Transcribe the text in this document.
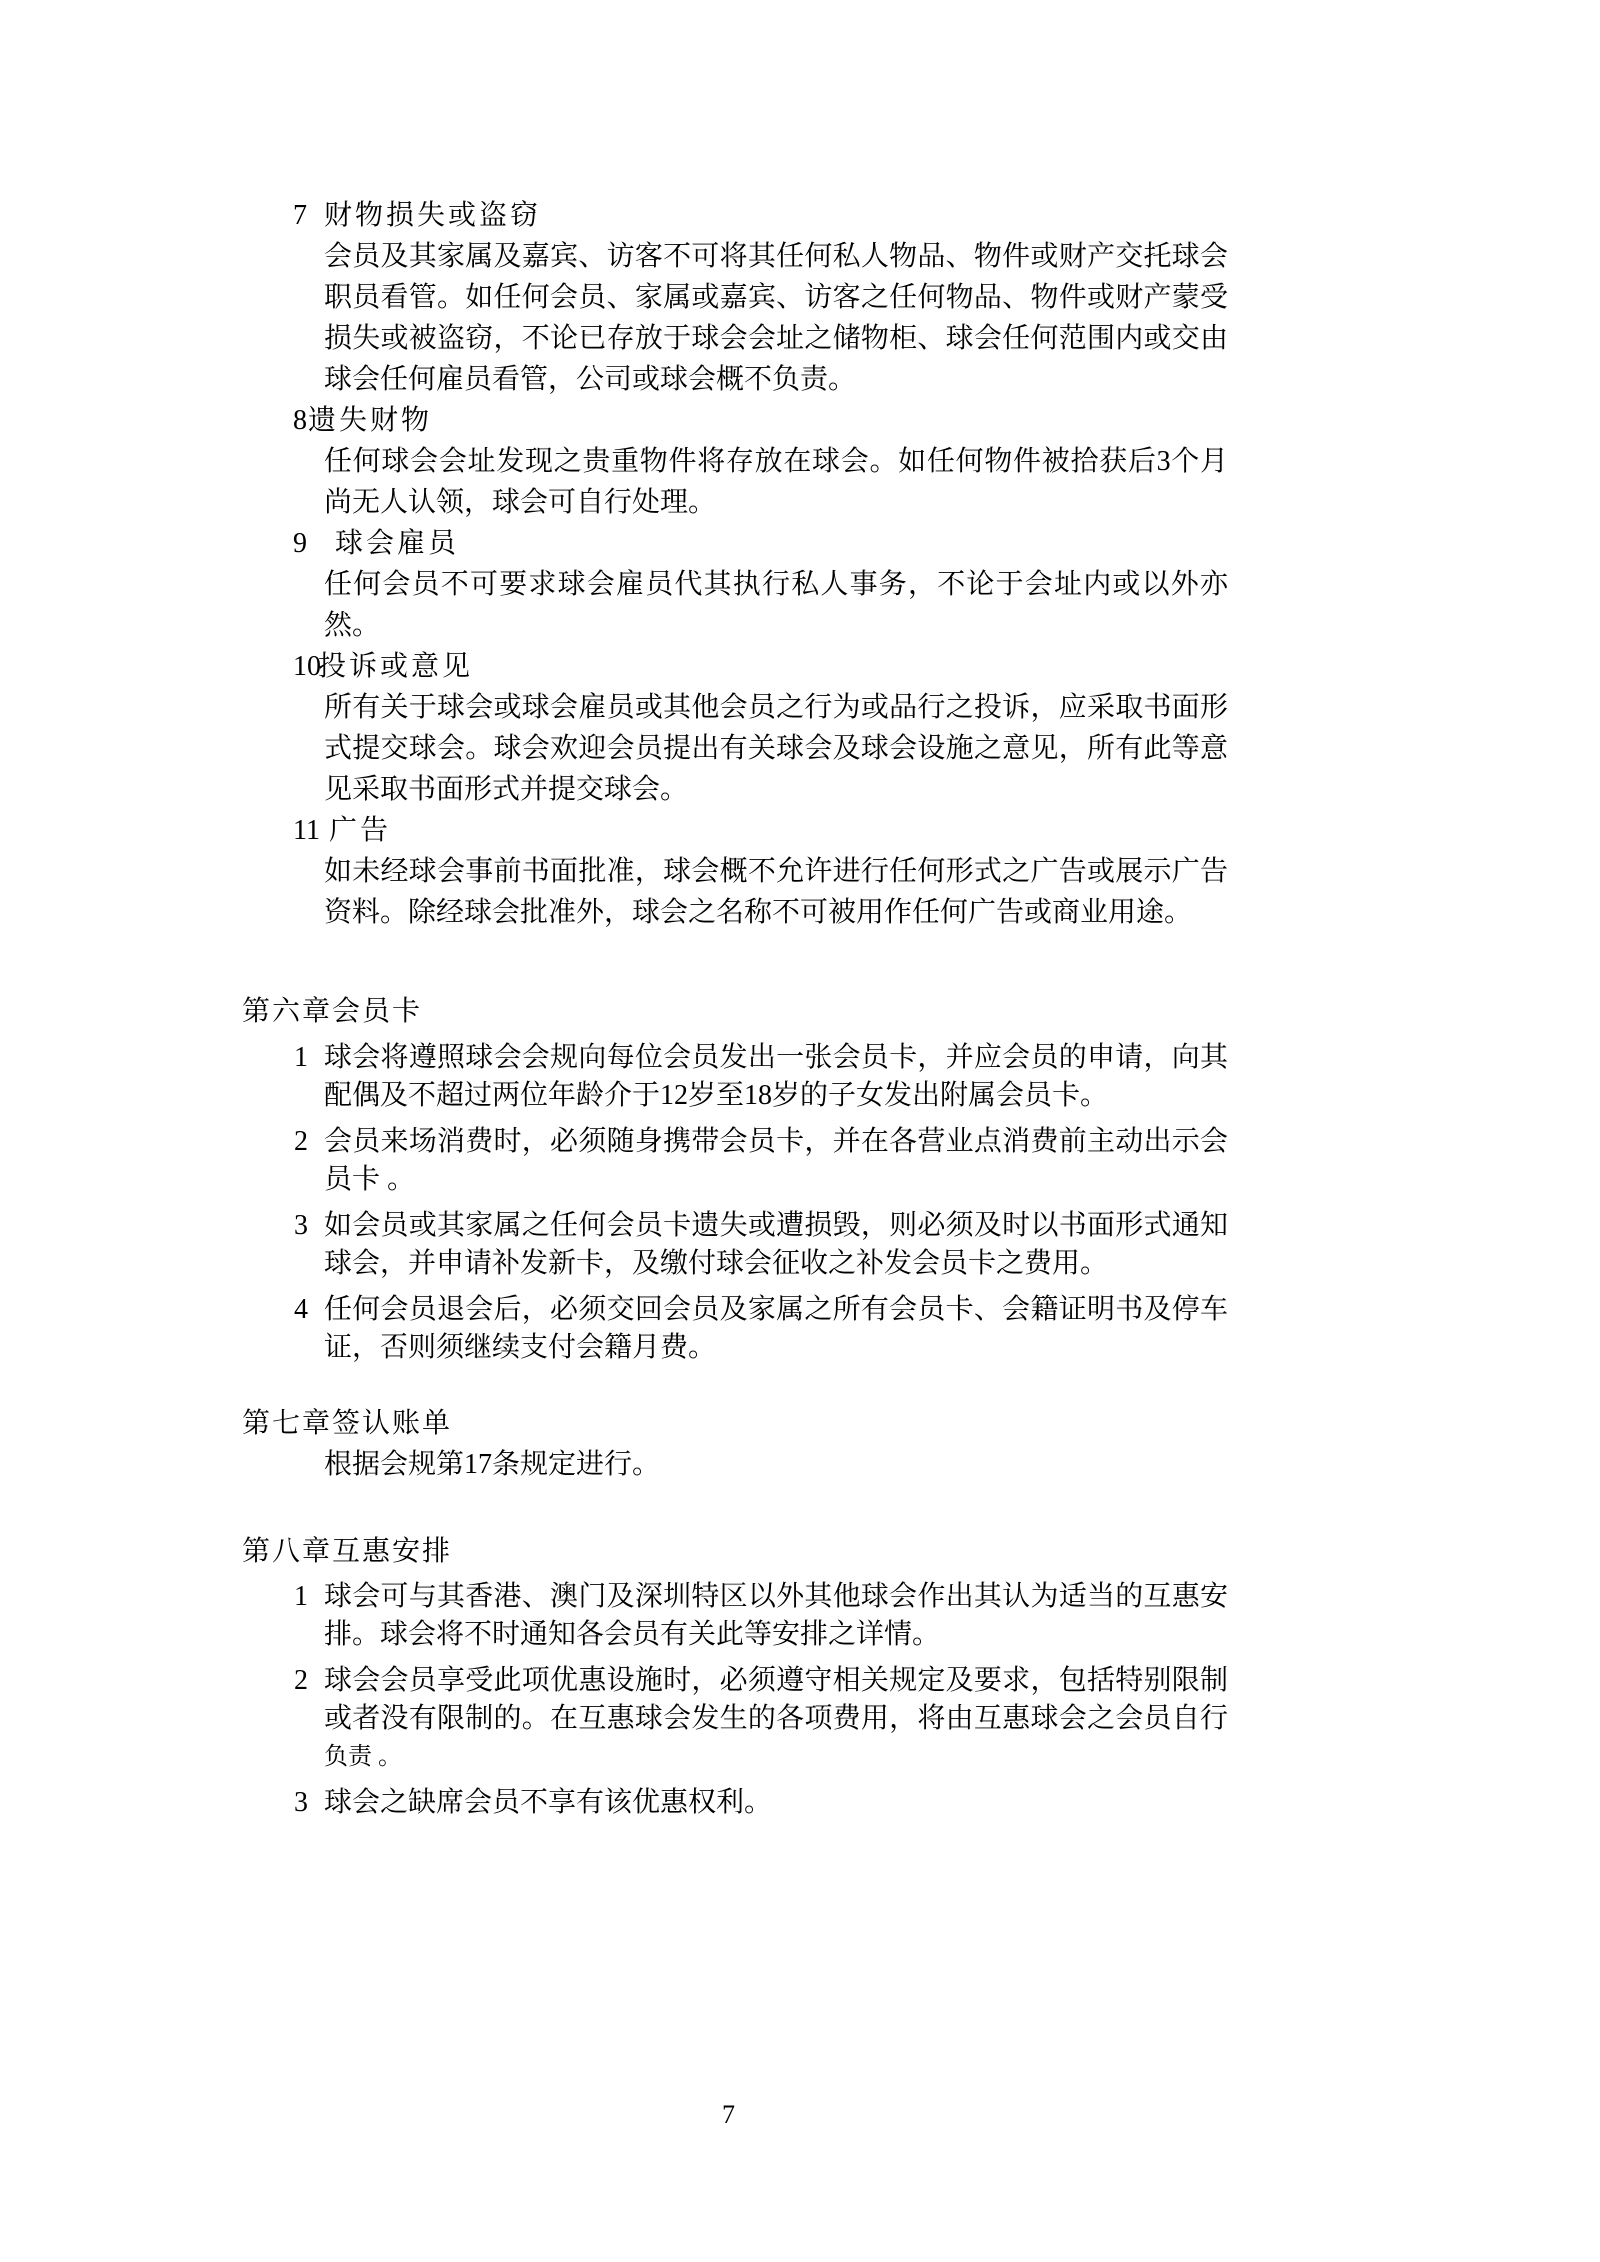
7 财物损失或盗窃
会员及其家属及嘉宾、访客不可将其任何私人物品、物件或财产交托球会
职员看管。如任何会员、家属或嘉宾、访客之任何物品、物件或财产蒙受
损失或被盗窃，不论已存放于球会会址之储物柜、球会任何范围内或交由
球会任何雇员看管，公司或球会概不负责。
8 遗失财物
任何球会会址发现之贵重物件将存放在球会。如任何物件被拾获后3个月
尚无人认领，球会可自行处理。
9 球会雇员
任何会员不可要求球会雇员代其执行私人事务，不论于会址内或以外亦
然。
10
投诉或意见
所有关于球会或球会雇员或其他会员之行为或品行之投诉，应采取书面形
式提交球会。球会欢迎会员提出有关球会及球会设施之意见，所有此等意
见采取书面形式并提交球会。
11 广告
如未经球会事前书面批准，球会概不允许进行任何形式之广告或展示广告
资料。除经球会批准外，球会之名称不可被用作任何广告或商业用途。
第六章会员卡
1 球会将遵照球会会规向每位会员发出一张会员卡，并应会员的申请，向其
配偶及不超过两位年龄介于12岁至18岁的子女发出附属会员卡。
2 会员来场消费时，必须随身携带会员卡，并在各营业点消费前主动出示会
员卡 。
3 如会员或其家属之任何会员卡遗失或遭损毁，则必须及时以书面形式通知
球会，并申请补发新卡，及缴付球会征收之补发会员卡之费用。
4 任何会员退会后，必须交回会员及家属之所有会员卡、会籍证明书及停车
证，否则须继续支付会籍月费。
第七章签认账单
根据会规第17条规定进行。
第八章互惠安排
1 球会可与其香港、澳门及深圳特区以外其他球会作出其认为适当的互惠安
排。球会将不时通知各会员有关此等安排之详情。
2 球会会员享受此项优惠设施时，必须遵守相关规定及要求，包括特别限制
或者没有限制的。在互惠球会发生的各项费用，将由互惠球会之会员自行
负责 。
3 球会之缺席会员不享有该优惠权利。
7
